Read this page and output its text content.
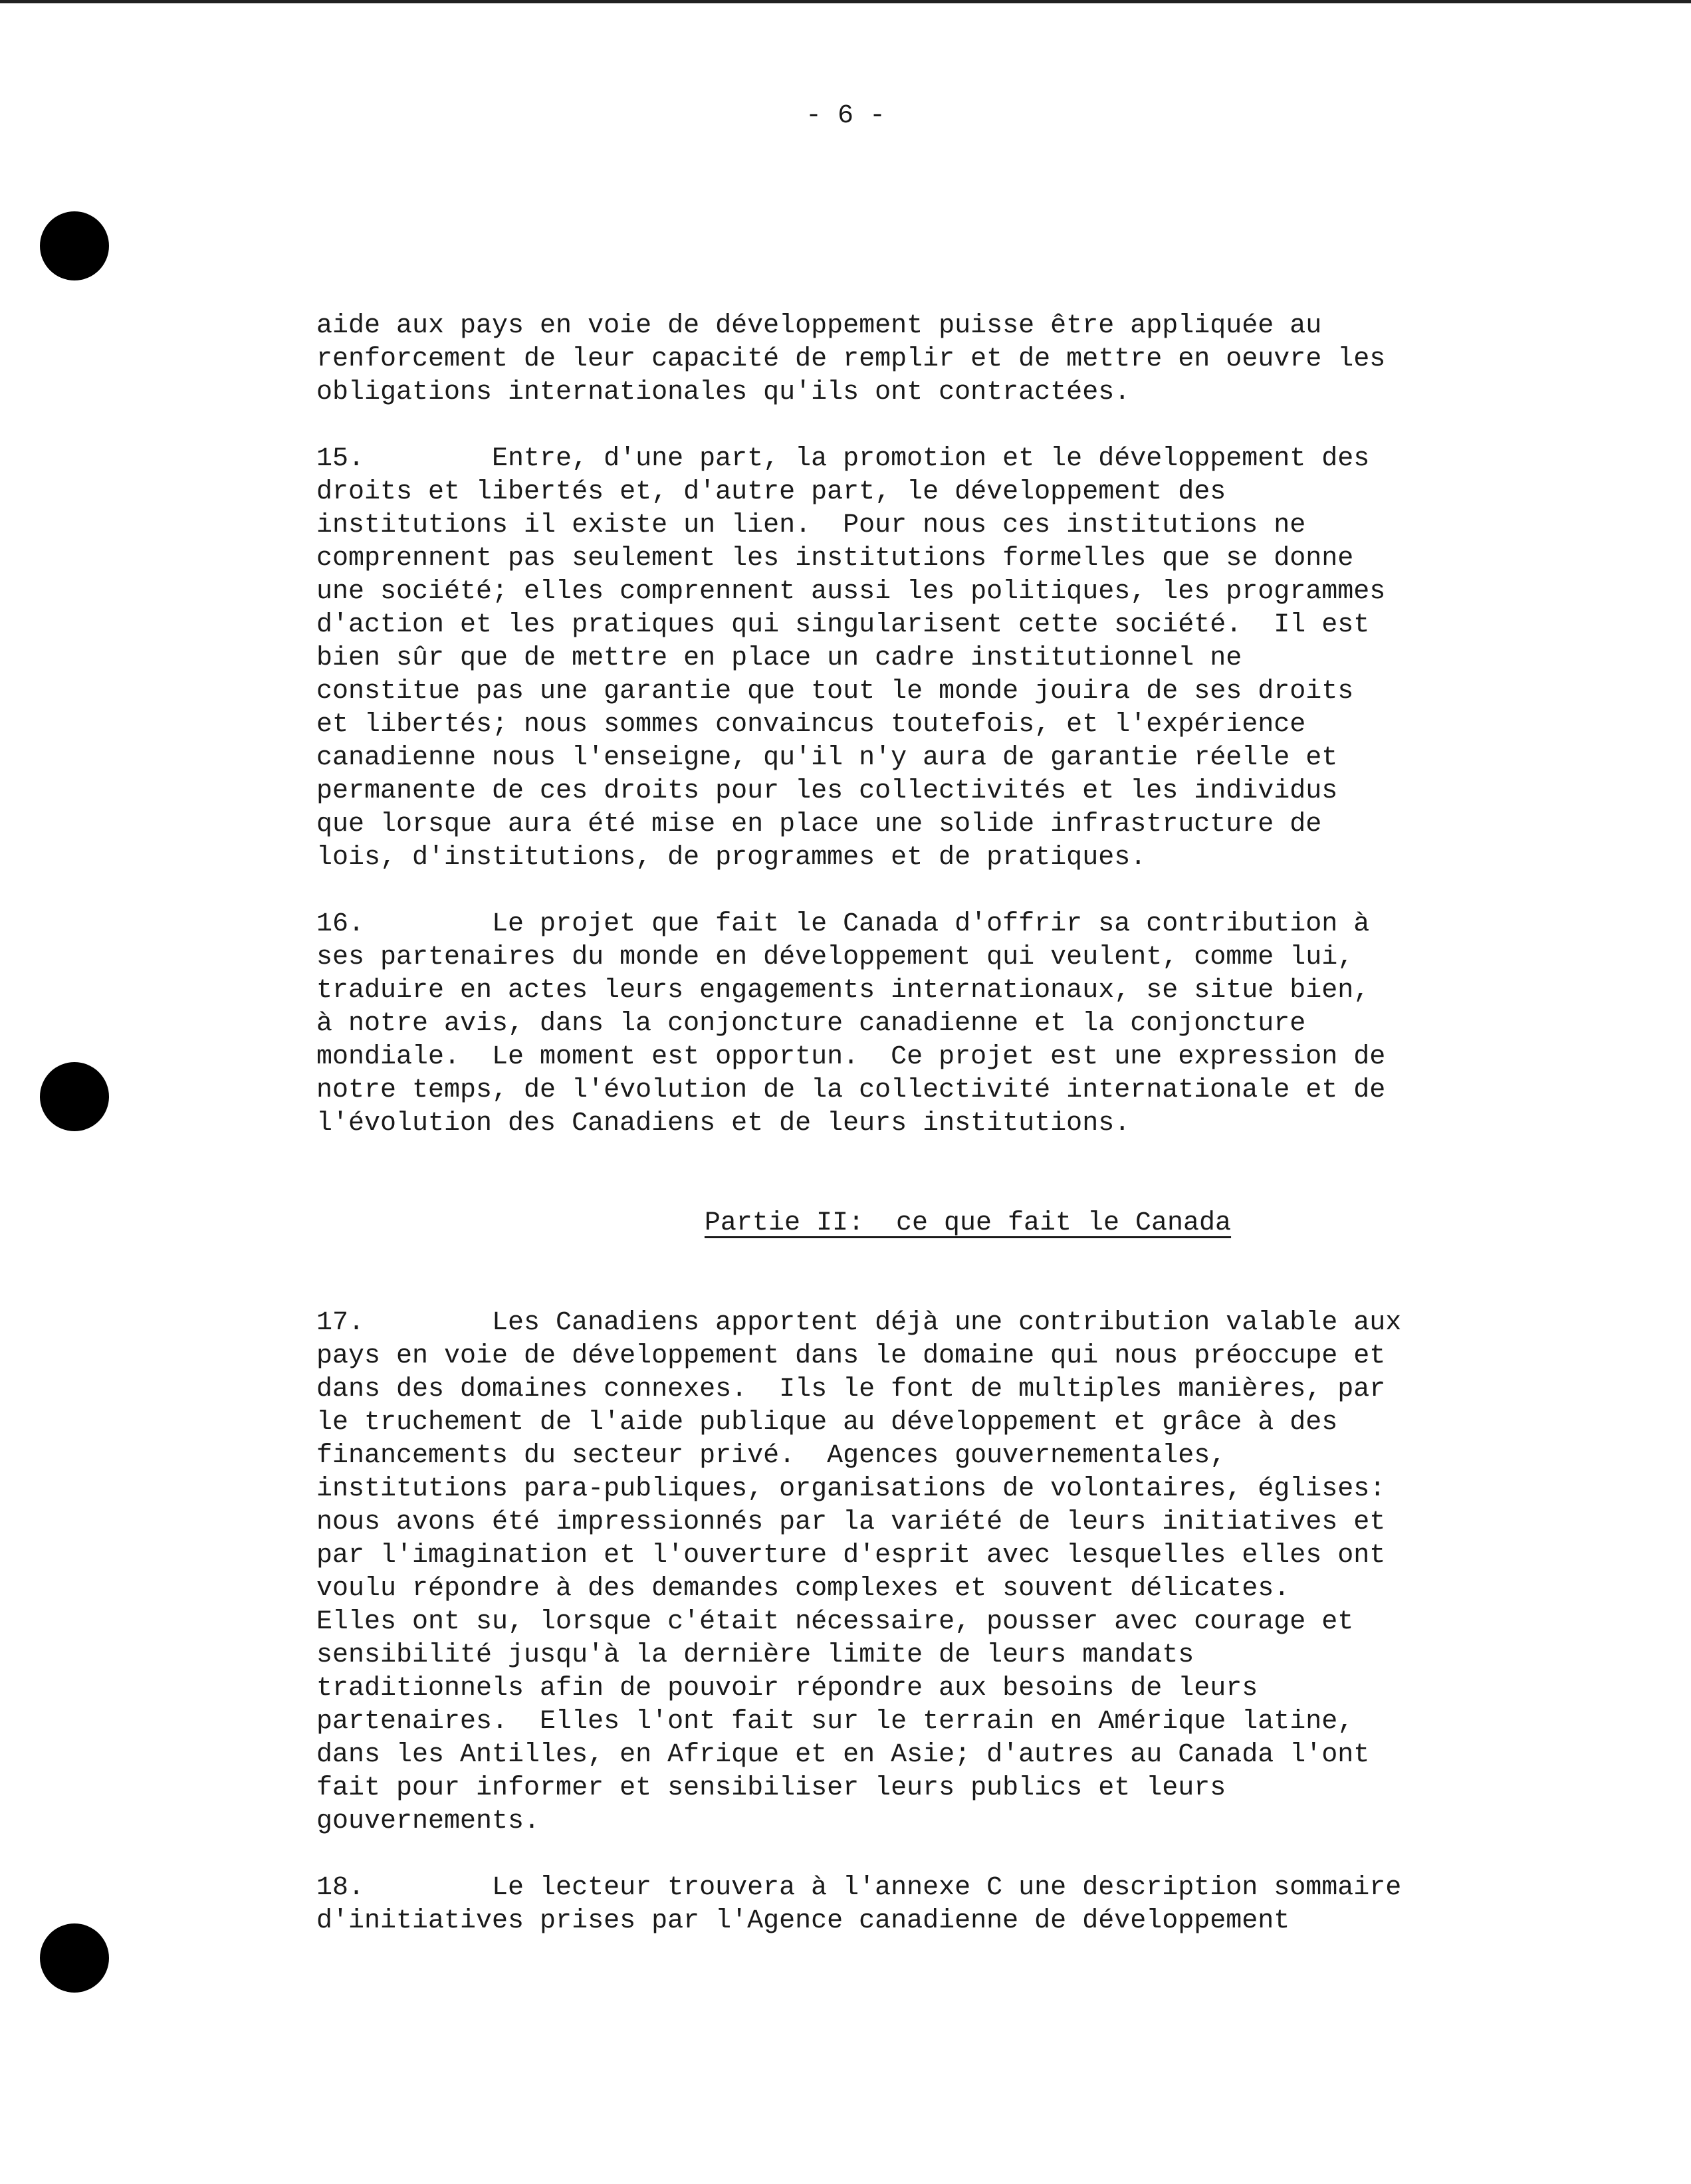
- 6 -
aide aux pays en voie de développement puisse être appliquée au
renforcement de leur capacité de remplir et de mettre en oeuvre les
obligations internationales qu'ils ont contractées.
15.        Entre, d'une part, la promotion et le développement des
droits et libertés et, d'autre part, le développement des
institutions il existe un lien.  Pour nous ces institutions ne
comprennent pas seulement les institutions formelles que se donne
une société; elles comprennent aussi les politiques, les programmes
d'action et les pratiques qui singularisent cette société.  Il est
bien sûr que de mettre en place un cadre institutionnel ne
constitue pas une garantie que tout le monde jouira de ses droits
et libertés; nous sommes convaincus toutefois, et l'expérience
canadienne nous l'enseigne, qu'il n'y aura de garantie réelle et
permanente de ces droits pour les collectivités et les individus
que lorsque aura été mise en place une solide infrastructure de
lois, d'institutions, de programmes et de pratiques.
16.        Le projet que fait le Canada d'offrir sa contribution à
ses partenaires du monde en développement qui veulent, comme lui,
traduire en actes leurs engagements internationaux, se situe bien,
à notre avis, dans la conjoncture canadienne et la conjoncture
mondiale.  Le moment est opportun.  Ce projet est une expression de
notre temps, de l'évolution de la collectivité internationale et de
l'évolution des Canadiens et de leurs institutions.
Partie II:  ce que fait le Canada
17.        Les Canadiens apportent déjà une contribution valable aux
pays en voie de développement dans le domaine qui nous préoccupe et
dans des domaines connexes.  Ils le font de multiples manières, par
le truchement de l'aide publique au développement et grâce à des
financements du secteur privé.  Agences gouvernementales,
institutions para-publiques, organisations de volontaires, églises:
nous avons été impressionnés par la variété de leurs initiatives et
par l'imagination et l'ouverture d'esprit avec lesquelles elles ont
voulu répondre à des demandes complexes et souvent délicates.
Elles ont su, lorsque c'était nécessaire, pousser avec courage et
sensibilité jusqu'à la dernière limite de leurs mandats
traditionnels afin de pouvoir répondre aux besoins de leurs
partenaires.  Elles l'ont fait sur le terrain en Amérique latine,
dans les Antilles, en Afrique et en Asie; d'autres au Canada l'ont
fait pour informer et sensibiliser leurs publics et leurs
gouvernements.
18.        Le lecteur trouvera à l'annexe C une description sommaire
d'initiatives prises par l'Agence canadienne de développement
